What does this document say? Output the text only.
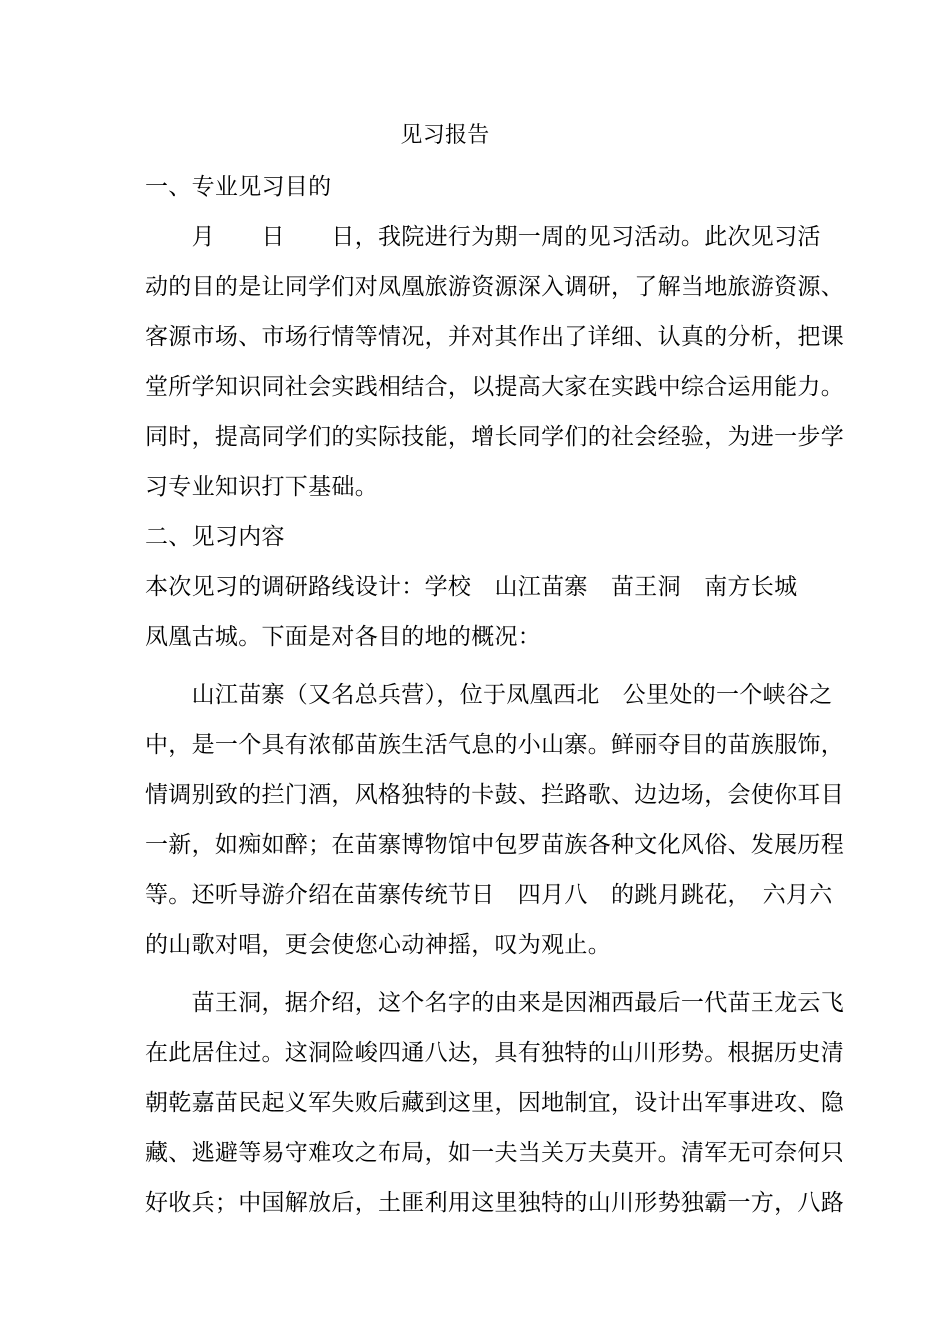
见习报告
一、专业见习目的
　　月　　日　　日，我院进行为期一周的见习活动。此次见习活
动的目的是让同学们对凤凰旅游资源深入调研，了解当地旅游资源、
客源市场、市场行情等情况，并对其作出了详细、认真的分析，把课
堂所学知识同社会实践相结合，以提高大家在实践中综合运用能力。
同时，提高同学们的实际技能，增长同学们的社会经验，为进一步学
习专业知识打下基础。
二、见习内容
本次见习的调研路线设计：学校　山江苗寨　苗王洞　南方长城
凤凰古城。下面是对各目的地的概况：
　　山江苗寨（又名总兵营），位于凤凰西北　公里处的一个峡谷之
中，是一个具有浓郁苗族生活气息的小山寨。鲜丽夺目的苗族服饰，
情调别致的拦门酒，风格独特的卡鼓、拦路歌、边边场，会使你耳目
一新，如痴如醉；在苗寨博物馆中包罗苗族各种文化风俗、发展历程
等。还听导游介绍在苗寨传统节日　四月八　的跳月跳花，　六月六
的山歌对唱，更会使您心动神摇，叹为观止。
　　苗王洞，据介绍，这个名字的由来是因湘西最后一代苗王龙云飞
在此居住过。这洞险峻四通八达，具有独特的山川形势。根据历史清
朝乾嘉苗民起义军失败后藏到这里，因地制宜，设计出军事进攻、隐
藏、逃避等易守难攻之布局，如一夫当关万夫莫开。清军无可奈何只
好收兵；中国解放后，土匪利用这里独特的山川形势独霸一方，八路
